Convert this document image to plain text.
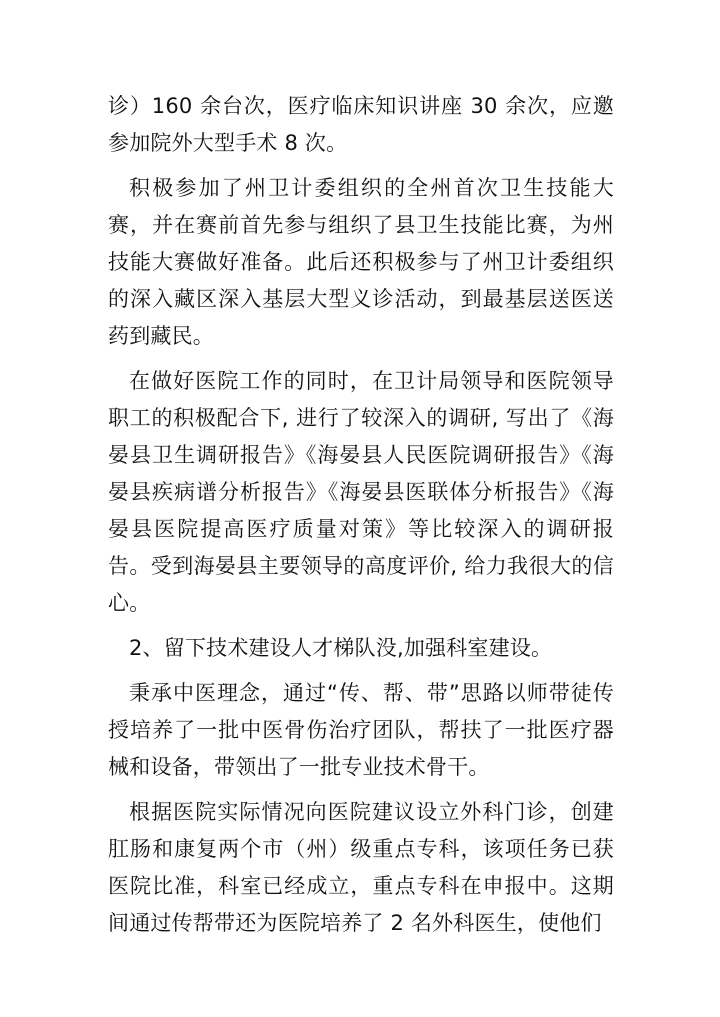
诊）160 余台次，医疗临床知识讲座 30 余次，应邀参加院外大型手术 8 次。

积极参加了州卫计委组织的全州首次卫生技能大赛，并在赛前首先参与组织了县卫生技能比赛，为州技能大赛做好准备。此后还积极参与了州卫计委组织的深入藏区深入基层大型义诊活动，到最基层送医送药到藏民。

在做好医院工作的同时，在卫计局领导和医院领导职工的积极配合下, 进行了较深入的调研, 写出了《海晏县卫生调研报告》《海晏县人民医院调研报告》《海晏县疾病谱分析报告》《海晏县医联体分析报告》《海晏县医院提高医疗质量对策》等比较深入的调研报告。受到海晏县主要领导的高度评价, 给力我很大的信心。

2、留下技术建设人才梯队没,加强科室建设。

秉承中医理念，通过“传、帮、带”思路以师带徒传授培养了一批中医骨伤治疗团队，帮扶了一批医疗器械和设备，带领出了一批专业技术骨干。

根据医院实际情况向医院建议设立外科门诊，创建肛肠和康复两个市（州）级重点专科，该项任务已获医院比准，科室已经成立，重点专科在申报中。这期间通过传帮带还为医院培养了 2 名外科医生，使他们
